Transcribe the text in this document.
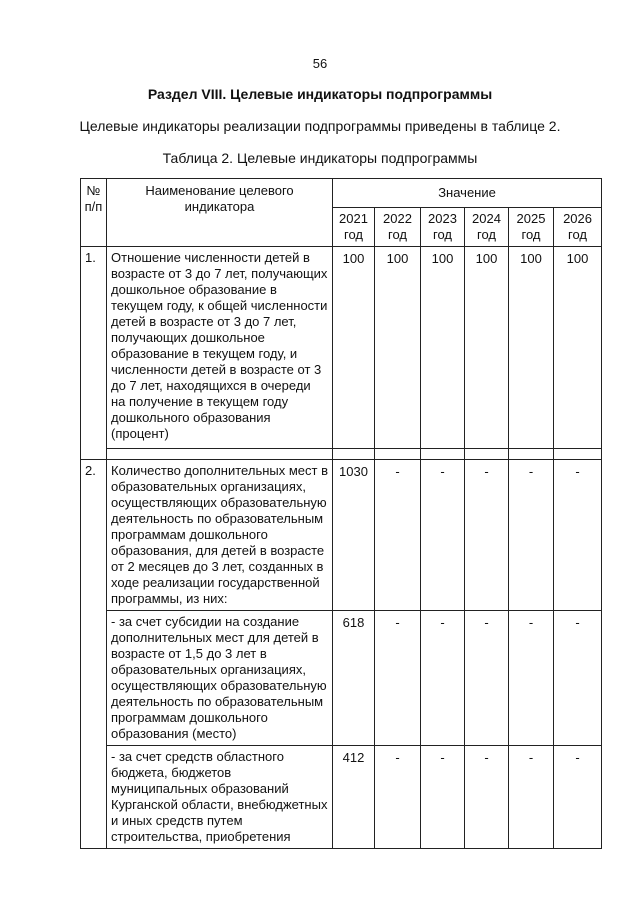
56
Раздел VIII. Целевые индикаторы подпрограммы
Целевые индикаторы реализации подпрограммы приведены в таблице 2.
Таблица 2. Целевые индикаторы подпрограммы
№ п/п	Наименование целевого индикатора	Значение					
		2021 год	2022 год	2023 год	2024 год	2025 год	2026 год
1.	Отношение численности детей в возрасте от 3 до 7 лет, получающих дошкольное образование в текущем году, к общей численности детей в возрасте от 3 до 7 лет, получающих дошкольное образование в текущем году, и численности детей в возрасте от 3 до 7 лет, находящихся в очереди на получение в текущем году дошкольного образования (процент)	100	100	100	100	100	100

2.	Количество дополнительных мест в образовательных организациях, осуществляющих образовательную деятельность по образовательным программам дошкольного образования, для детей в возрасте от 2 месяцев до 3 лет, созданных в ходе реализации государственной программы, из них:	1030	-	-	-	-	-
	- за счет субсидии на создание дополнительных мест для детей в возрасте от 1,5 до 3 лет в образовательных организациях, осуществляющих образовательную деятельность по образовательным программам дошкольного образования (место)	618	-	-	-	-	-
	- за счет средств областного бюджета, бюджетов муниципальных образований Курганской области, внебюджетных и иных средств путем строительства, приобретения	412	-	-	-	-	-
